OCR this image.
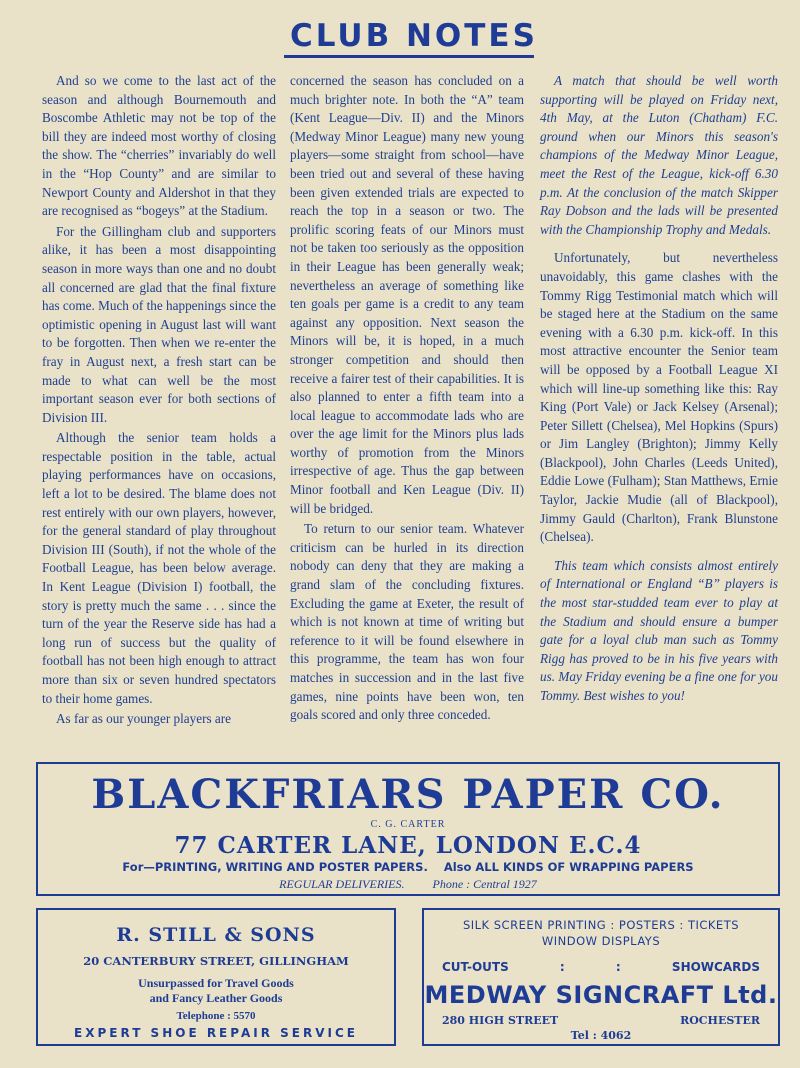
CLUB NOTES

And so we come to the last act of the season and although Bournemouth and Boscombe Athletic may not be top of the bill they are indeed most worthy of closing the show. The “cherries” invariably do well in the “Hop County” and are similar to Newport County and Aldershot in that they are recognised as “bogeys” at the Stadium.

For the Gillingham club and supporters alike, it has been a most disappointing season in more ways than one and no doubt all concerned are glad that the final fixture has come. Much of the happenings since the optimistic opening in August last will want to be forgotten. Then when we re-enter the fray in August next, a fresh start can be made to what can well be the most important season ever for both sections of Division III.

Although the senior team holds a respectable position in the table, actual playing performances have on occasions, left a lot to be desired. The blame does not rest entirely with our own players, however, for the general standard of play throughout Division III (South), if not the whole of the Football League, has been below average. In Kent League (Division I) football, the story is pretty much the same . . . since the turn of the year the Reserve side has had a long run of success but the quality of football has not been high enough to attract more than six or seven hundred spectators to their home games.

As far as our younger players are

concerned the season has concluded on a much brighter note. In both the “A” team (Kent League—Div. II) and the Minors (Medway Minor League) many new young players—some straight from school—have been tried out and several of these having been given extended trials are expected to reach the top in a season or two. The prolific scoring feats of our Minors must not be taken too seriously as the opposition in their League has been generally weak; nevertheless an average of something like ten goals per game is a credit to any team against any opposition. Next season the Minors will be, it is hoped, in a much stronger competition and should then receive a fairer test of their capabilities. It is also planned to enter a fifth team into a local league to accommodate lads who are over the age limit for the Minors plus lads worthy of promotion from the Minors irrespective of age. Thus the gap between Minor football and Ken League (Div. II) will be bridged.

To return to our senior team. Whatever criticism can be hurled in its direction nobody can deny that they are making a grand slam of the concluding fixtures. Excluding the game at Exeter, the result of which is not known at time of writing but reference to it will be found elsewhere in this programme, the team has won four matches in succession and in the last five games, nine points have been won, ten goals scored and only three conceded.

A match that should be well worth supporting will be played on Friday next, 4th May, at the Luton (Chatham) F.C. ground when our Minors this season's champions of the Medway Minor League, meet the Rest of the League, kick-off 6.30 p.m. At the conclusion of the match Skipper Ray Dobson and the lads will be presented with the Championship Trophy and Medals.

Unfortunately, but nevertheless unavoidably, this game clashes with the Tommy Rigg Testimonial match which will be staged here at the Stadium on the same evening with a 6.30 p.m. kick-off. In this most attractive encounter the Senior team will be opposed by a Football League XI which will line-up something like this: Ray King (Port Vale) or Jack Kelsey (Arsenal); Peter Sillett (Chelsea), Mel Hopkins (Spurs) or Jim Langley (Brighton); Jimmy Kelly (Blackpool), John Charles (Leeds United), Eddie Lowe (Fulham); Stan Matthews, Ernie Taylor, Jackie Mudie (all of Blackpool), Jimmy Gauld (Charlton), Frank Blunstone (Chelsea).

This team which consists almost entirely of International or England “B” players is the most star-studded team ever to play at the Stadium and should ensure a bumper gate for a loyal club man such as Tommy Rigg has proved to be in his five years with us. May Friday evening be a fine one for you Tommy. Best wishes to you!

BLACKFRIARS PAPER CO.
C. G. CARTER
77 CARTER LANE, LONDON E.C.4
For—PRINTING, WRITING AND POSTER PAPERS. Also ALL KINDS OF WRAPPING PAPERS
REGULAR DELIVERIES. Phone : Central 1927
R. STILL & SONS
20 CANTERBURY STREET, GILLINGHAM
Unsurpassed for Travel Goods
and Fancy Leather Goods
Telephone : 5570
EXPERT SHOE REPAIR SERVICE
SILK SCREEN PRINTING : POSTERS : TICKETS
WINDOW DISPLAYS
CUT-OUTS	:	:	SHOWCARDS
MEDWAY SIGNCRAFT Ltd.
280 HIGH STREET	ROCHESTER
Tel : 4062
